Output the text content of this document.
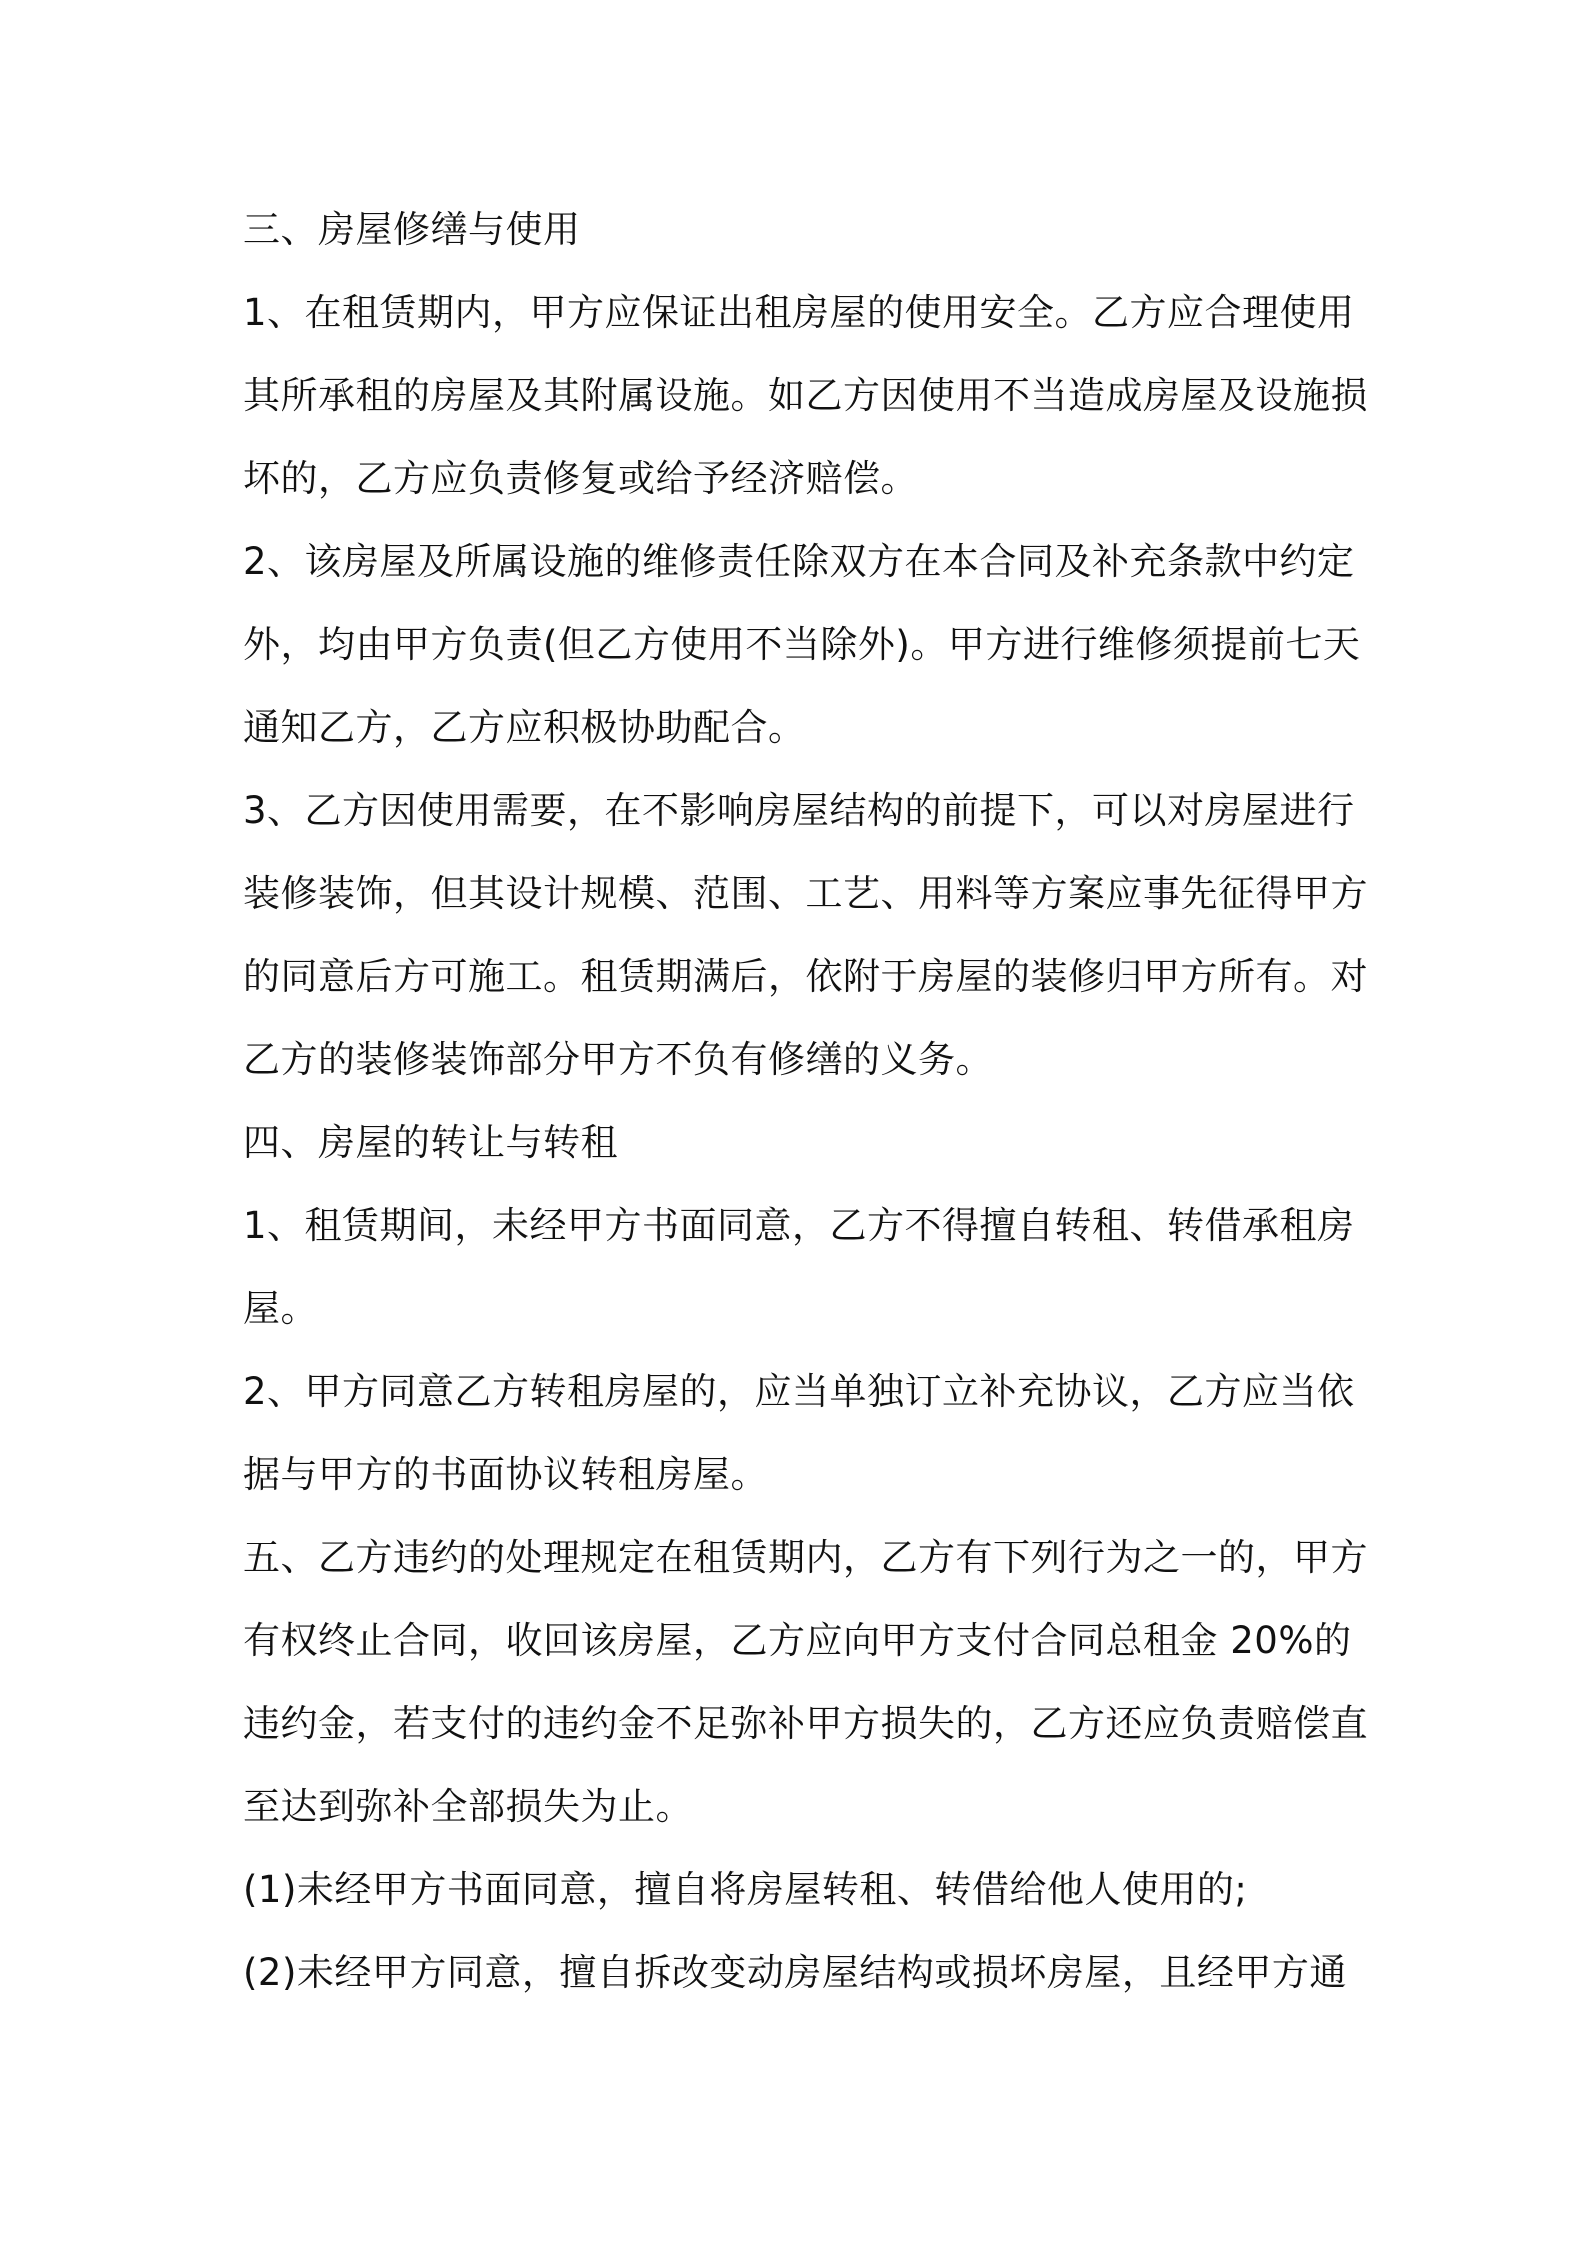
三、房屋修缮与使用
1、在租赁期内，甲方应保证出租房屋的使用安全。乙方应合理使用
其所承租的房屋及其附属设施。如乙方因使用不当造成房屋及设施损
坏的，乙方应负责修复或给予经济赔偿。
2、该房屋及所属设施的维修责任除双方在本合同及补充条款中约定
外，均由甲方负责(但乙方使用不当除外)。甲方进行维修须提前七天
通知乙方，乙方应积极协助配合。
3、乙方因使用需要，在不影响房屋结构的前提下，可以对房屋进行
装修装饰，但其设计规模、范围、工艺、用料等方案应事先征得甲方
的同意后方可施工。租赁期满后，依附于房屋的装修归甲方所有。对
乙方的装修装饰部分甲方不负有修缮的义务。
四、房屋的转让与转租
1、租赁期间，未经甲方书面同意，乙方不得擅自转租、转借承租房
屋。
2、甲方同意乙方转租房屋的，应当单独订立补充协议，乙方应当依
据与甲方的书面协议转租房屋。
五、乙方违约的处理规定在租赁期内，乙方有下列行为之一的，甲方
有权终止合同，收回该房屋，乙方应向甲方支付合同总租金 20%的
违约金，若支付的违约金不足弥补甲方损失的，乙方还应负责赔偿直
至达到弥补全部损失为止。
(1)未经甲方书面同意，擅自将房屋转租、转借给他人使用的;
(2)未经甲方同意，擅自拆改变动房屋结构或损坏房屋，且经甲方通
